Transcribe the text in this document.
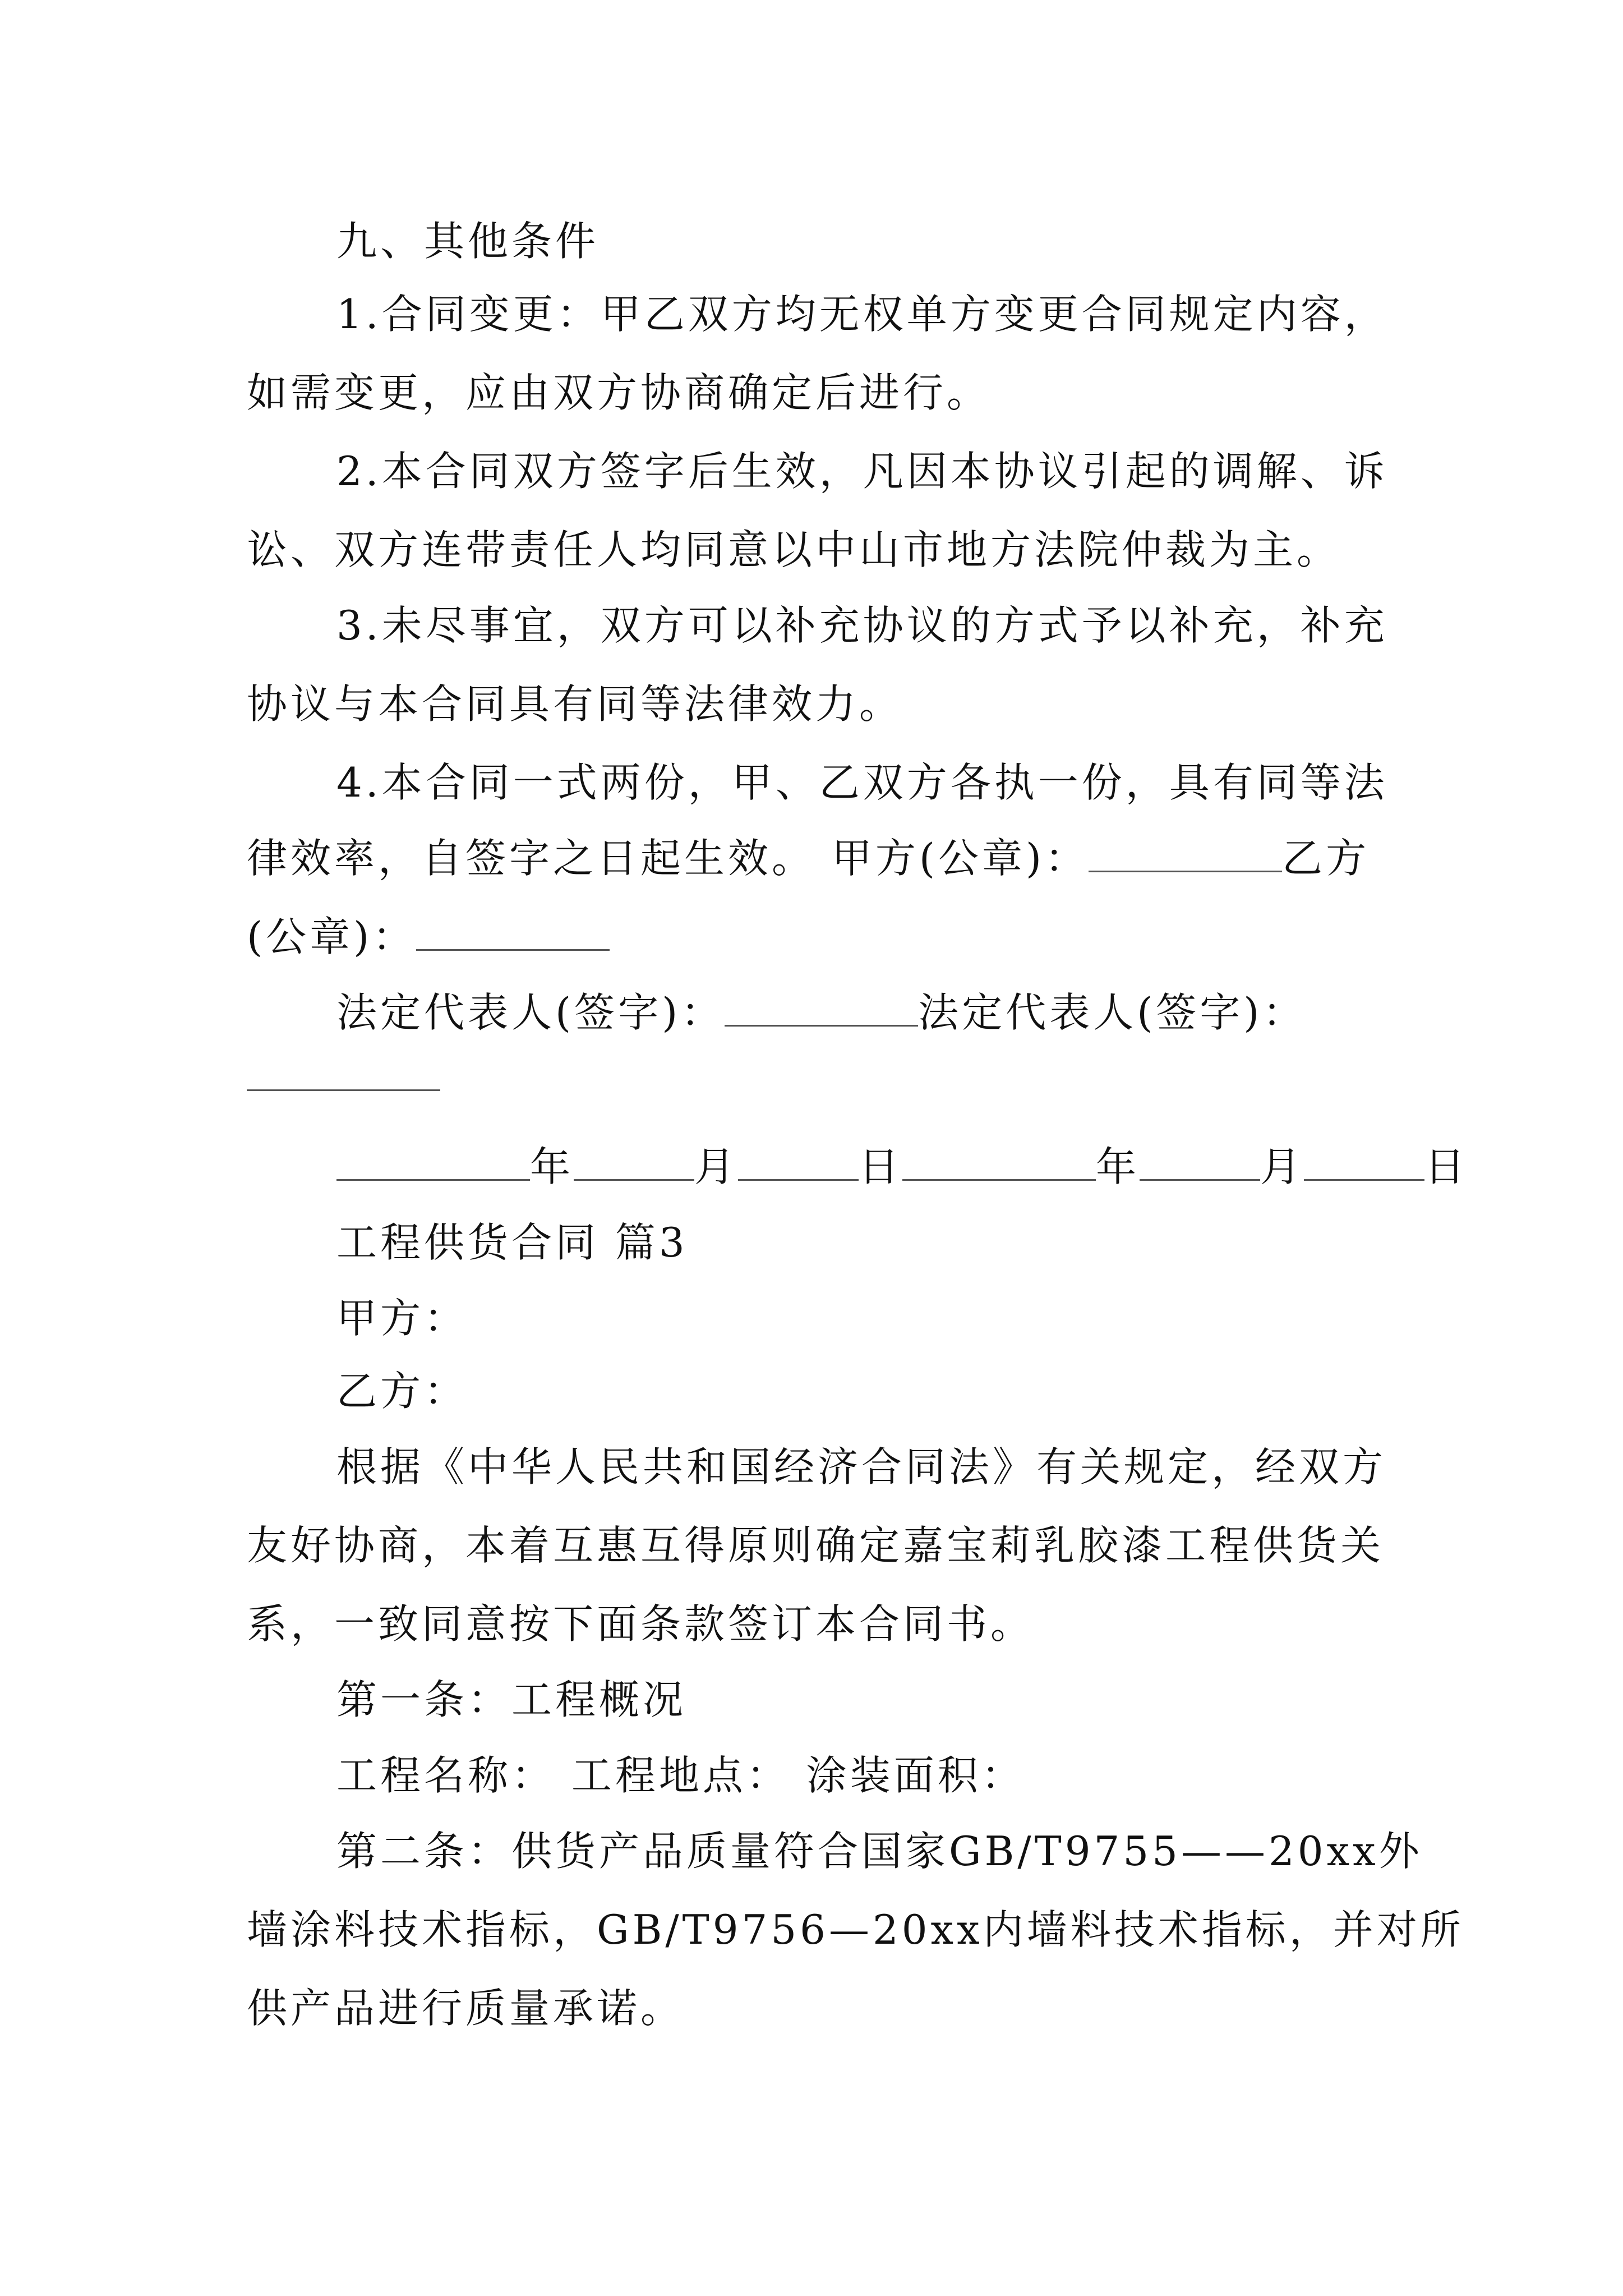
九、其他条件
1.合同变更：甲乙双方均无权单方变更合同规定内容，
如需变更，应由双方协商确定后进行。
2.本合同双方签字后生效，凡因本协议引起的调解、诉
讼、双方连带责任人均同意以中山市地方法院仲裁为主。
3.未尽事宜，双方可以补充协议的方式予以补充，补充
协议与本合同具有同等法律效力。
4.本合同一式两份，甲、乙双方各执一份，具有同等法
律效率，自签字之日起生效。 甲方(公章)：	乙方
(公章)：
法定代表人(签字)：	法定代表人(签字)：
年	月	日	年	月	日
工程供货合同 篇3
甲方：
乙方：
根据《中华人民共和国经济合同法》有关规定，经双方
友好协商，本着互惠互得原则确定嘉宝莉乳胶漆工程供货关
系，一致同意按下面条款签订本合同书。
第一条：工程概况
工程名称： 工程地点： 涂装面积：
第二条：供货产品质量符合国家GB/T9755——20xx外
墙涂料技术指标，GB/T9756—20xx内墙料技术指标，并对所
供产品进行质量承诺。
